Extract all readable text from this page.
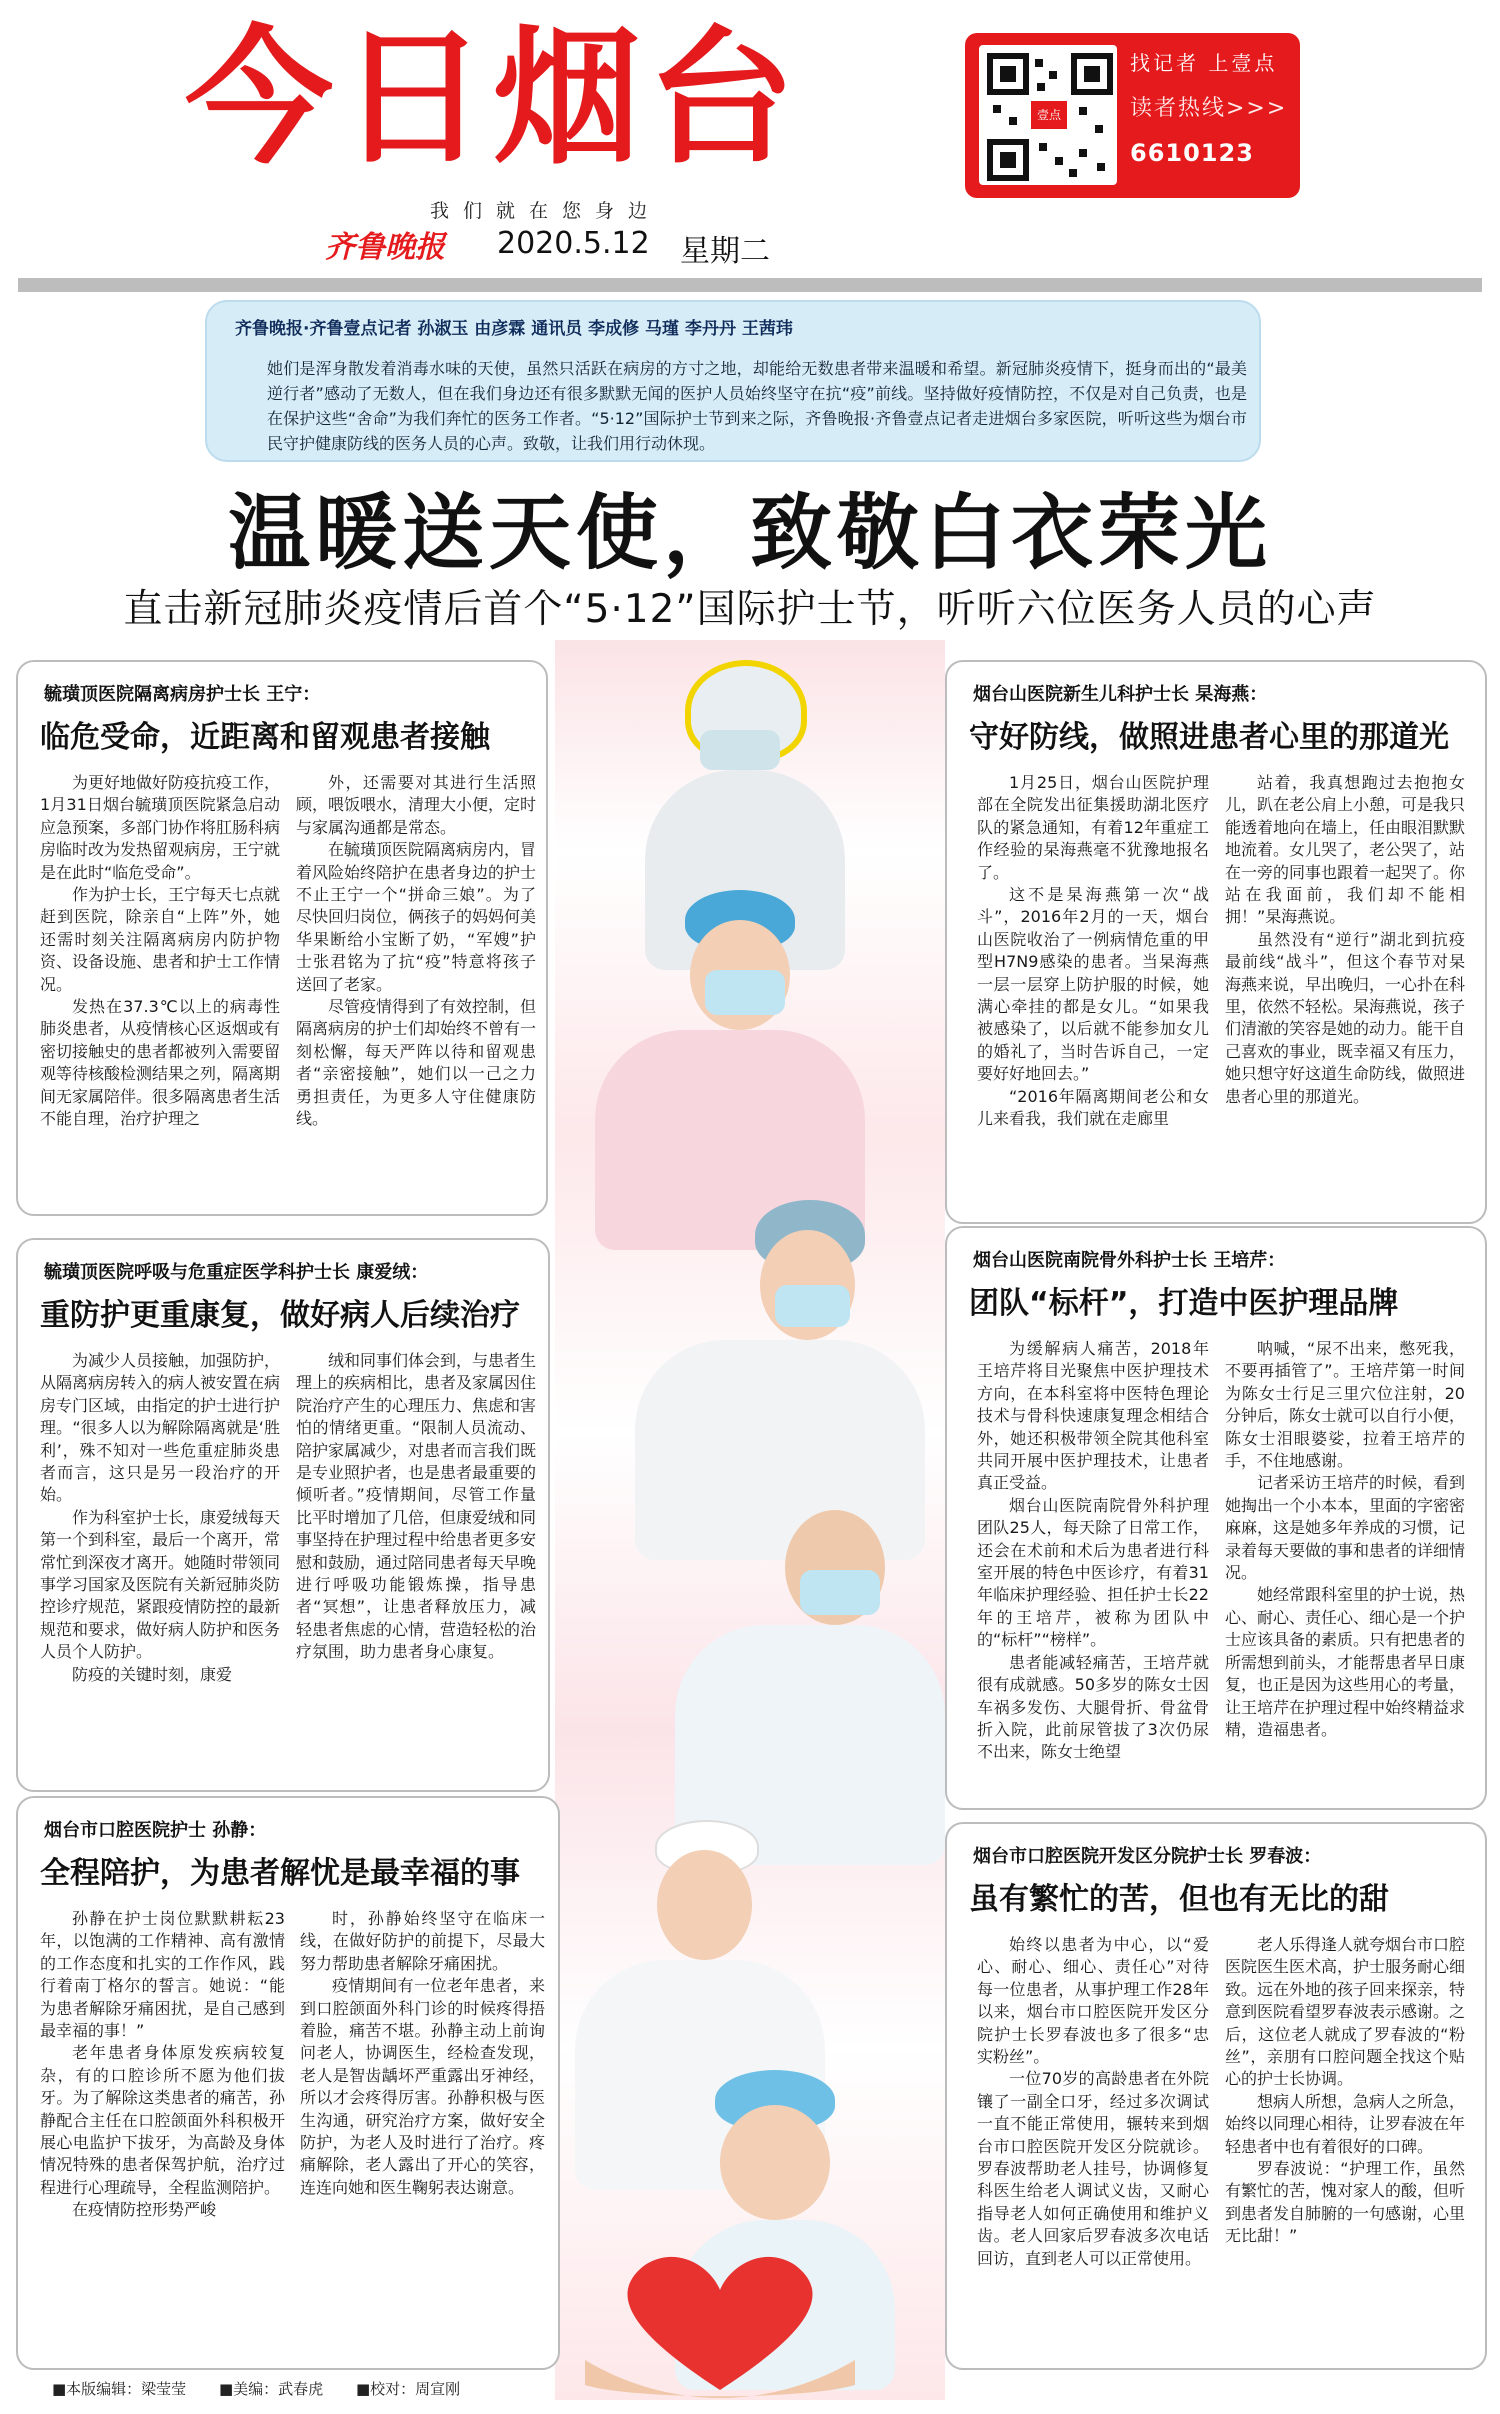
今日烟台
我们就在您身边
齐鲁晚报 2020.5.12 星期二
壹点
找记者 上壹点
读者热线>>>
6610123
齐鲁晚报·齐鲁壹点记者 孙淑玉 由彦霖 通讯员 李成修 马瑾 李丹丹 王茜玮
她们是浑身散发着消毒水味的天使，虽然只活跃在病房的方寸之地，却能给无数患者带来温暖和希望。新冠肺炎疫情下，挺身而出的“最美逆行者”感动了无数人，但在我们身边还有很多默默无闻的医护人员始终坚守在抗“疫”前线。坚持做好疫情防控，不仅是对自己负责，也是在保护这些“舍命”为我们奔忙的医务工作者。“5·12”国际护士节到来之际，齐鲁晚报·齐鲁壹点记者走进烟台多家医院，听听这些为烟台市民守护健康防线的医务人员的心声。致敬，让我们用行动休现。
温暖送天使，致敬白衣荣光
直击新冠肺炎疫情后首个“5·12”国际护士节，听听六位医务人员的心声
毓璜顶医院隔离病房护士长 王宁：
临危受命，近距离和留观患者接触

为更好地做好防疫抗疫工作，1月31日烟台毓璜顶医院紧急启动应急预案，多部门协作将肛肠科病房临时改为发热留观病房，王宁就是在此时“临危受命”。

作为护士长，王宁每天七点就赶到医院，除亲自“上阵”外，她还需时刻关注隔离病房内防护物资、设备设施、患者和护士工作情况。

发热在37.3℃以上的病毒性肺炎患者，从疫情核心区返烟或有密切接触史的患者都被列入需要留观等待核酸检测结果之列，隔离期间无家属陪伴。很多隔离患者生活不能自理，治疗护理之

外，还需要对其进行生活照顾，喂饭喂水，清理大小便，定时与家属沟通都是常态。

在毓璜顶医院隔离病房内，冒着风险始终陪护在患者身边的护士不止王宁一个“拼命三娘”。为了尽快回归岗位，俩孩子的妈妈何美华果断给小宝断了奶，“军嫂”护士张君铭为了抗“疫”特意将孩子送回了老家。

尽管疫情得到了有效控制，但隔离病房的护士们却始终不曾有一刻松懈，每天严阵以待和留观患者“亲密接触”，她们以一己之力勇担责任，为更多人守住健康防线。

烟台山医院新生儿科护士长 杲海燕：
守好防线，做照进患者心里的那道光

1月25日，烟台山医院护理部在全院发出征集援助湖北医疗队的紧急通知，有着12年重症工作经验的杲海燕毫不犹豫地报名了。

这不是杲海燕第一次“战斗”，2016年2月的一天，烟台山医院收治了一例病情危重的甲型H7N9感染的患者。当杲海燕一层一层穿上防护服的时候，她满心牵挂的都是女儿。“如果我被感染了，以后就不能参加女儿的婚礼了，当时告诉自己，一定要好好地回去。”

“2016年隔离期间老公和女儿来看我，我们就在走廊里

站着，我真想跑过去抱抱女儿，趴在老公肩上小憩，可是我只能透着地向在墙上，任由眼泪默默地流着。女儿哭了，老公哭了，站在一旁的同事也跟着一起哭了。你站在我面前，我们却不能相拥！”杲海燕说。

虽然没有“逆行”湖北到抗疫最前线“战斗”，但这个春节对杲海燕来说，早出晚归，一心扑在科里，依然不轻松。杲海燕说，孩子们清澈的笑容是她的动力。能干自己喜欢的事业，既幸福又有压力，她只想守好这道生命防线，做照进患者心里的那道光。

毓璜顶医院呼吸与危重症医学科护士长 康爱绒：
重防护更重康复，做好病人后续治疗

为减少人员接触，加强防护，从隔离病房转入的病人被安置在病房专门区域，由指定的护士进行护理。“很多人以为解除隔离就是‘胜利’，殊不知对一些危重症肺炎患者而言，这只是另一段治疗的开始。

作为科室护士长，康爱绒每天第一个到科室，最后一个离开，常常忙到深夜才离开。她随时带领同事学习国家及医院有关新冠肺炎防控诊疗规范，紧跟疫情防控的最新规范和要求，做好病人防护和医务人员个人防护。

防疫的关键时刻，康爱

绒和同事们体会到，与患者生理上的疾病相比，患者及家属因住院治疗产生的心理压力、焦虑和害怕的情绪更重。“限制人员流动、陪护家属减少，对患者而言我们既是专业照护者，也是患者最重要的倾听者。”疫情期间，尽管工作量比平时增加了几倍，但康爱绒和同事坚持在护理过程中给患者更多安慰和鼓励，通过陪同患者每天早晚进行呼吸功能锻炼操，指导患者“冥想”，让患者释放压力，减轻患者焦虑的心情，营造轻松的治疗氛围，助力患者身心康复。

烟台山医院南院骨外科护士长 王培芹：
团队“标杆”，打造中医护理品牌

为缓解病人痛苦，2018年王培芹将目光聚焦中医护理技术方向，在本科室将中医特色理论技术与骨科快速康复理念相结合外，她还积极带领全院其他科室共同开展中医护理技术，让患者真正受益。

烟台山医院南院骨外科护理团队25人，每天除了日常工作，还会在术前和术后为患者进行科室开展的特色中医诊疗，有着31年临床护理经验、担任护士长22年的王培芹，被称为团队中的“标杆”“榜样”。

患者能减轻痛苦，王培芹就很有成就感。50多岁的陈女士因车祸多发伤、大腿骨折、骨盆骨折入院，此前尿管拔了3次仍尿不出来，陈女士绝望

呐喊，“尿不出来，憋死我，不要再插管了”。王培芹第一时间为陈女士行足三里穴位注射，20分钟后，陈女士就可以自行小便，陈女士泪眼婆娑，拉着王培芹的手，不住地感谢。

记者采访王培芹的时候，看到她掏出一个小本本，里面的字密密麻麻，这是她多年养成的习惯，记录着每天要做的事和患者的详细情况。

她经常跟科室里的护士说，热心、耐心、责任心、细心是一个护士应该具备的素质。只有把患者的所需想到前头，才能帮患者早日康复，也正是因为这些用心的考量，让王培芹在护理过程中始终精益求精，造福患者。

烟台市口腔医院护士 孙静：
全程陪护，为患者解忧是最幸福的事

孙静在护士岗位默默耕耘23年，以饱满的工作精神、高有激情的工作态度和扎实的工作作风，践行着南丁格尔的誓言。她说：“能为患者解除牙痛困扰，是自己感到最幸福的事！”

老年患者身体原发疾病较复杂，有的口腔诊所不愿为他们拔牙。为了解除这类患者的痛苦，孙静配合主任在口腔颌面外科积极开展心电监护下拔牙，为高龄及身体情况特殊的患者保驾护航，治疗过程进行心理疏导，全程监测陪护。

在疫情防控形势严峻

时，孙静始终坚守在临床一线，在做好防护的前提下，尽最大努力帮助患者解除牙痛困扰。

疫情期间有一位老年患者，来到口腔颌面外科门诊的时候疼得捂着脸，痛苦不堪。孙静主动上前询问老人，协调医生，经检查发现，老人是智齿龋坏严重露出牙神经，所以才会疼得厉害。孙静积极与医生沟通，研究治疗方案，做好安全防护，为老人及时进行了治疗。疼痛解除，老人露出了开心的笑容，连连向她和医生鞠躬表达谢意。

烟台市口腔医院开发区分院护士长 罗春波：
虽有繁忙的苦，但也有无比的甜

始终以患者为中心，以“爱心、耐心、细心、责任心”对待每一位患者，从事护理工作28年以来，烟台市口腔医院开发区分院护士长罗春波也多了很多“忠实粉丝”。

一位70岁的高龄患者在外院镶了一副全口牙，经过多次调试一直不能正常使用，辗转来到烟台市口腔医院开发区分院就诊。罗春波帮助老人挂号，协调修复科医生给老人调试义齿，又耐心指导老人如何正确使用和维护义齿。老人回家后罗春波多次电话回访，直到老人可以正常使用。

老人乐得逢人就夸烟台市口腔医院医生医术高，护士服务耐心细致。远在外地的孩子回来探亲，特意到医院看望罗春波表示感谢。之后，这位老人就成了罗春波的“粉丝”，亲朋有口腔问题全找这个贴心的护士长协调。

想病人所想，急病人之所急，始终以同理心相待，让罗春波在年轻患者中也有着很好的口碑。

罗春波说：“护理工作，虽然有繁忙的苦，愧对家人的酸，但听到患者发自肺腑的一句感谢，心里无比甜！”

■本版编辑：梁莹莹 ■美编：武春虎 ■校对：周宣刚
